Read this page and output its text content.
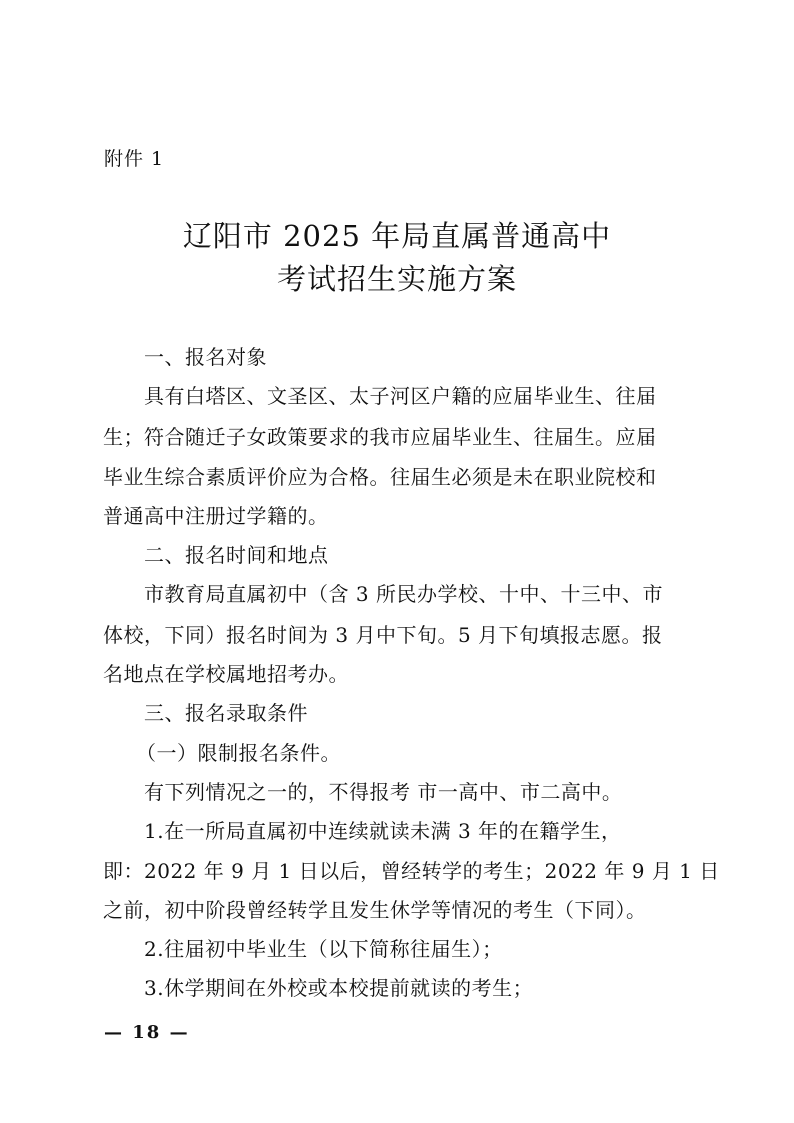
附件 1
辽阳市 2025 年局直属普通高中
考试招生实施方案
一、报名对象
具有白塔区、文圣区、太子河区户籍的应届毕业生、往届
生；符合随迁子女政策要求的我市应届毕业生、往届生。应届
毕业生综合素质评价应为合格。往届生必须是未在职业院校和
普通高中注册过学籍的。
二、报名时间和地点
市教育局直属初中（含 3 所民办学校、十中、十三中、市
体校，下同）报名时间为 3 月中下旬。5 月下旬填报志愿。报
名地点在学校属地招考办。
三、报名录取条件
（一）限制报名条件。
有下列情况之一的，不得报考 市一高中、市二高中。
1.在一所局直属初中连续就读未满 3 年的在籍学生，
即：2022 年 9 月 1 日以后，曾经转学的考生；2022 年 9 月 1 日
之前，初中阶段曾经转学且发生休学等情况的考生（下同）。
2.往届初中毕业生（以下简称往届生）；
3.休学期间在外校或本校提前就读的考生；
— 18 —
